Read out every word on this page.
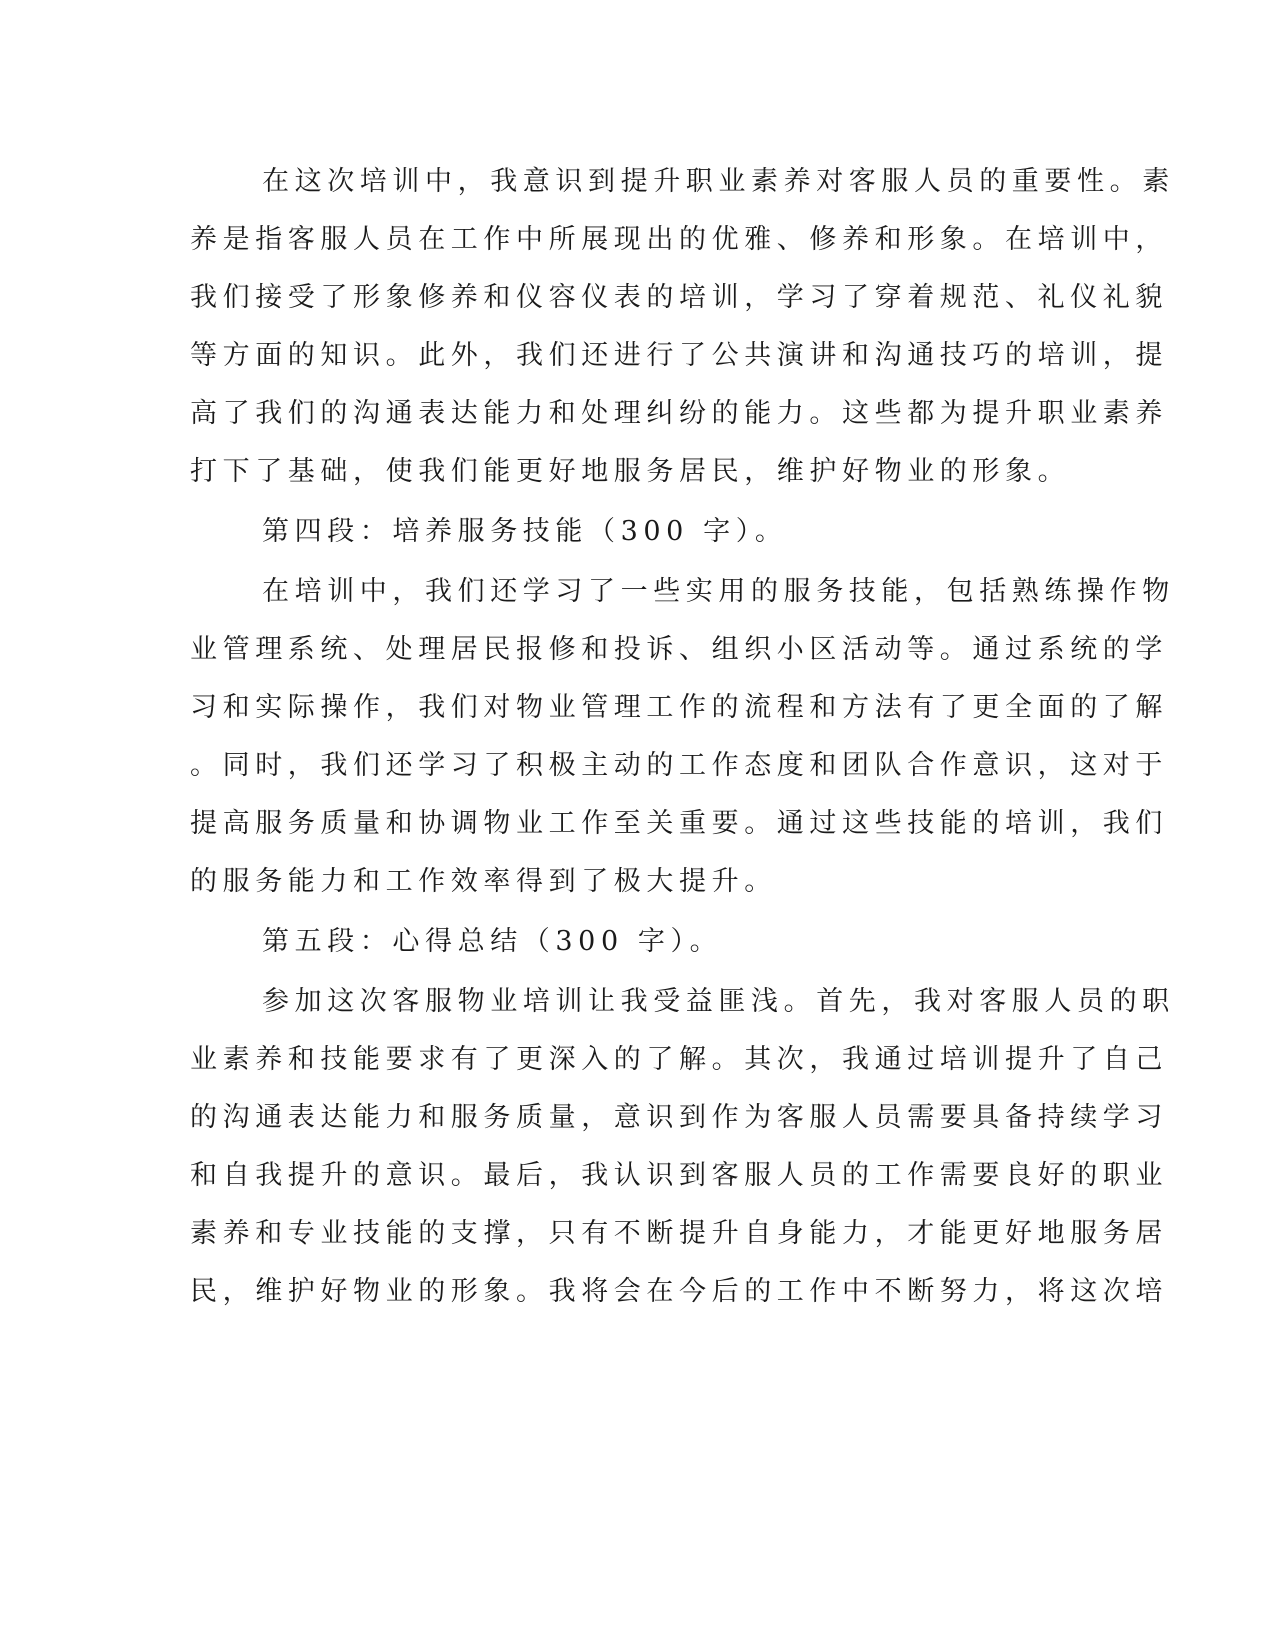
在这次培训中，我意识到提升职业素养对客服人员的重要性。素
养是指客服人员在工作中所展现出的优雅、修养和形象。在培训中，
我们接受了形象修养和仪容仪表的培训，学习了穿着规范、礼仪礼貌
等方面的知识。此外，我们还进行了公共演讲和沟通技巧的培训，提
高了我们的沟通表达能力和处理纠纷的能力。这些都为提升职业素养
打下了基础，使我们能更好地服务居民，维护好物业的形象。
第四段：培养服务技能（300 字）。
在培训中，我们还学习了一些实用的服务技能，包括熟练操作物
业管理系统、处理居民报修和投诉、组织小区活动等。通过系统的学
习和实际操作，我们对物业管理工作的流程和方法有了更全面的了解
。同时，我们还学习了积极主动的工作态度和团队合作意识，这对于
提高服务质量和协调物业工作至关重要。通过这些技能的培训，我们
的服务能力和工作效率得到了极大提升。
第五段：心得总结（300 字）。
参加这次客服物业培训让我受益匪浅。首先，我对客服人员的职
业素养和技能要求有了更深入的了解。其次，我通过培训提升了自己
的沟通表达能力和服务质量，意识到作为客服人员需要具备持续学习
和自我提升的意识。最后，我认识到客服人员的工作需要良好的职业
素养和专业技能的支撑，只有不断提升自身能力，才能更好地服务居
民，维护好物业的形象。我将会在今后的工作中不断努力，将这次培
